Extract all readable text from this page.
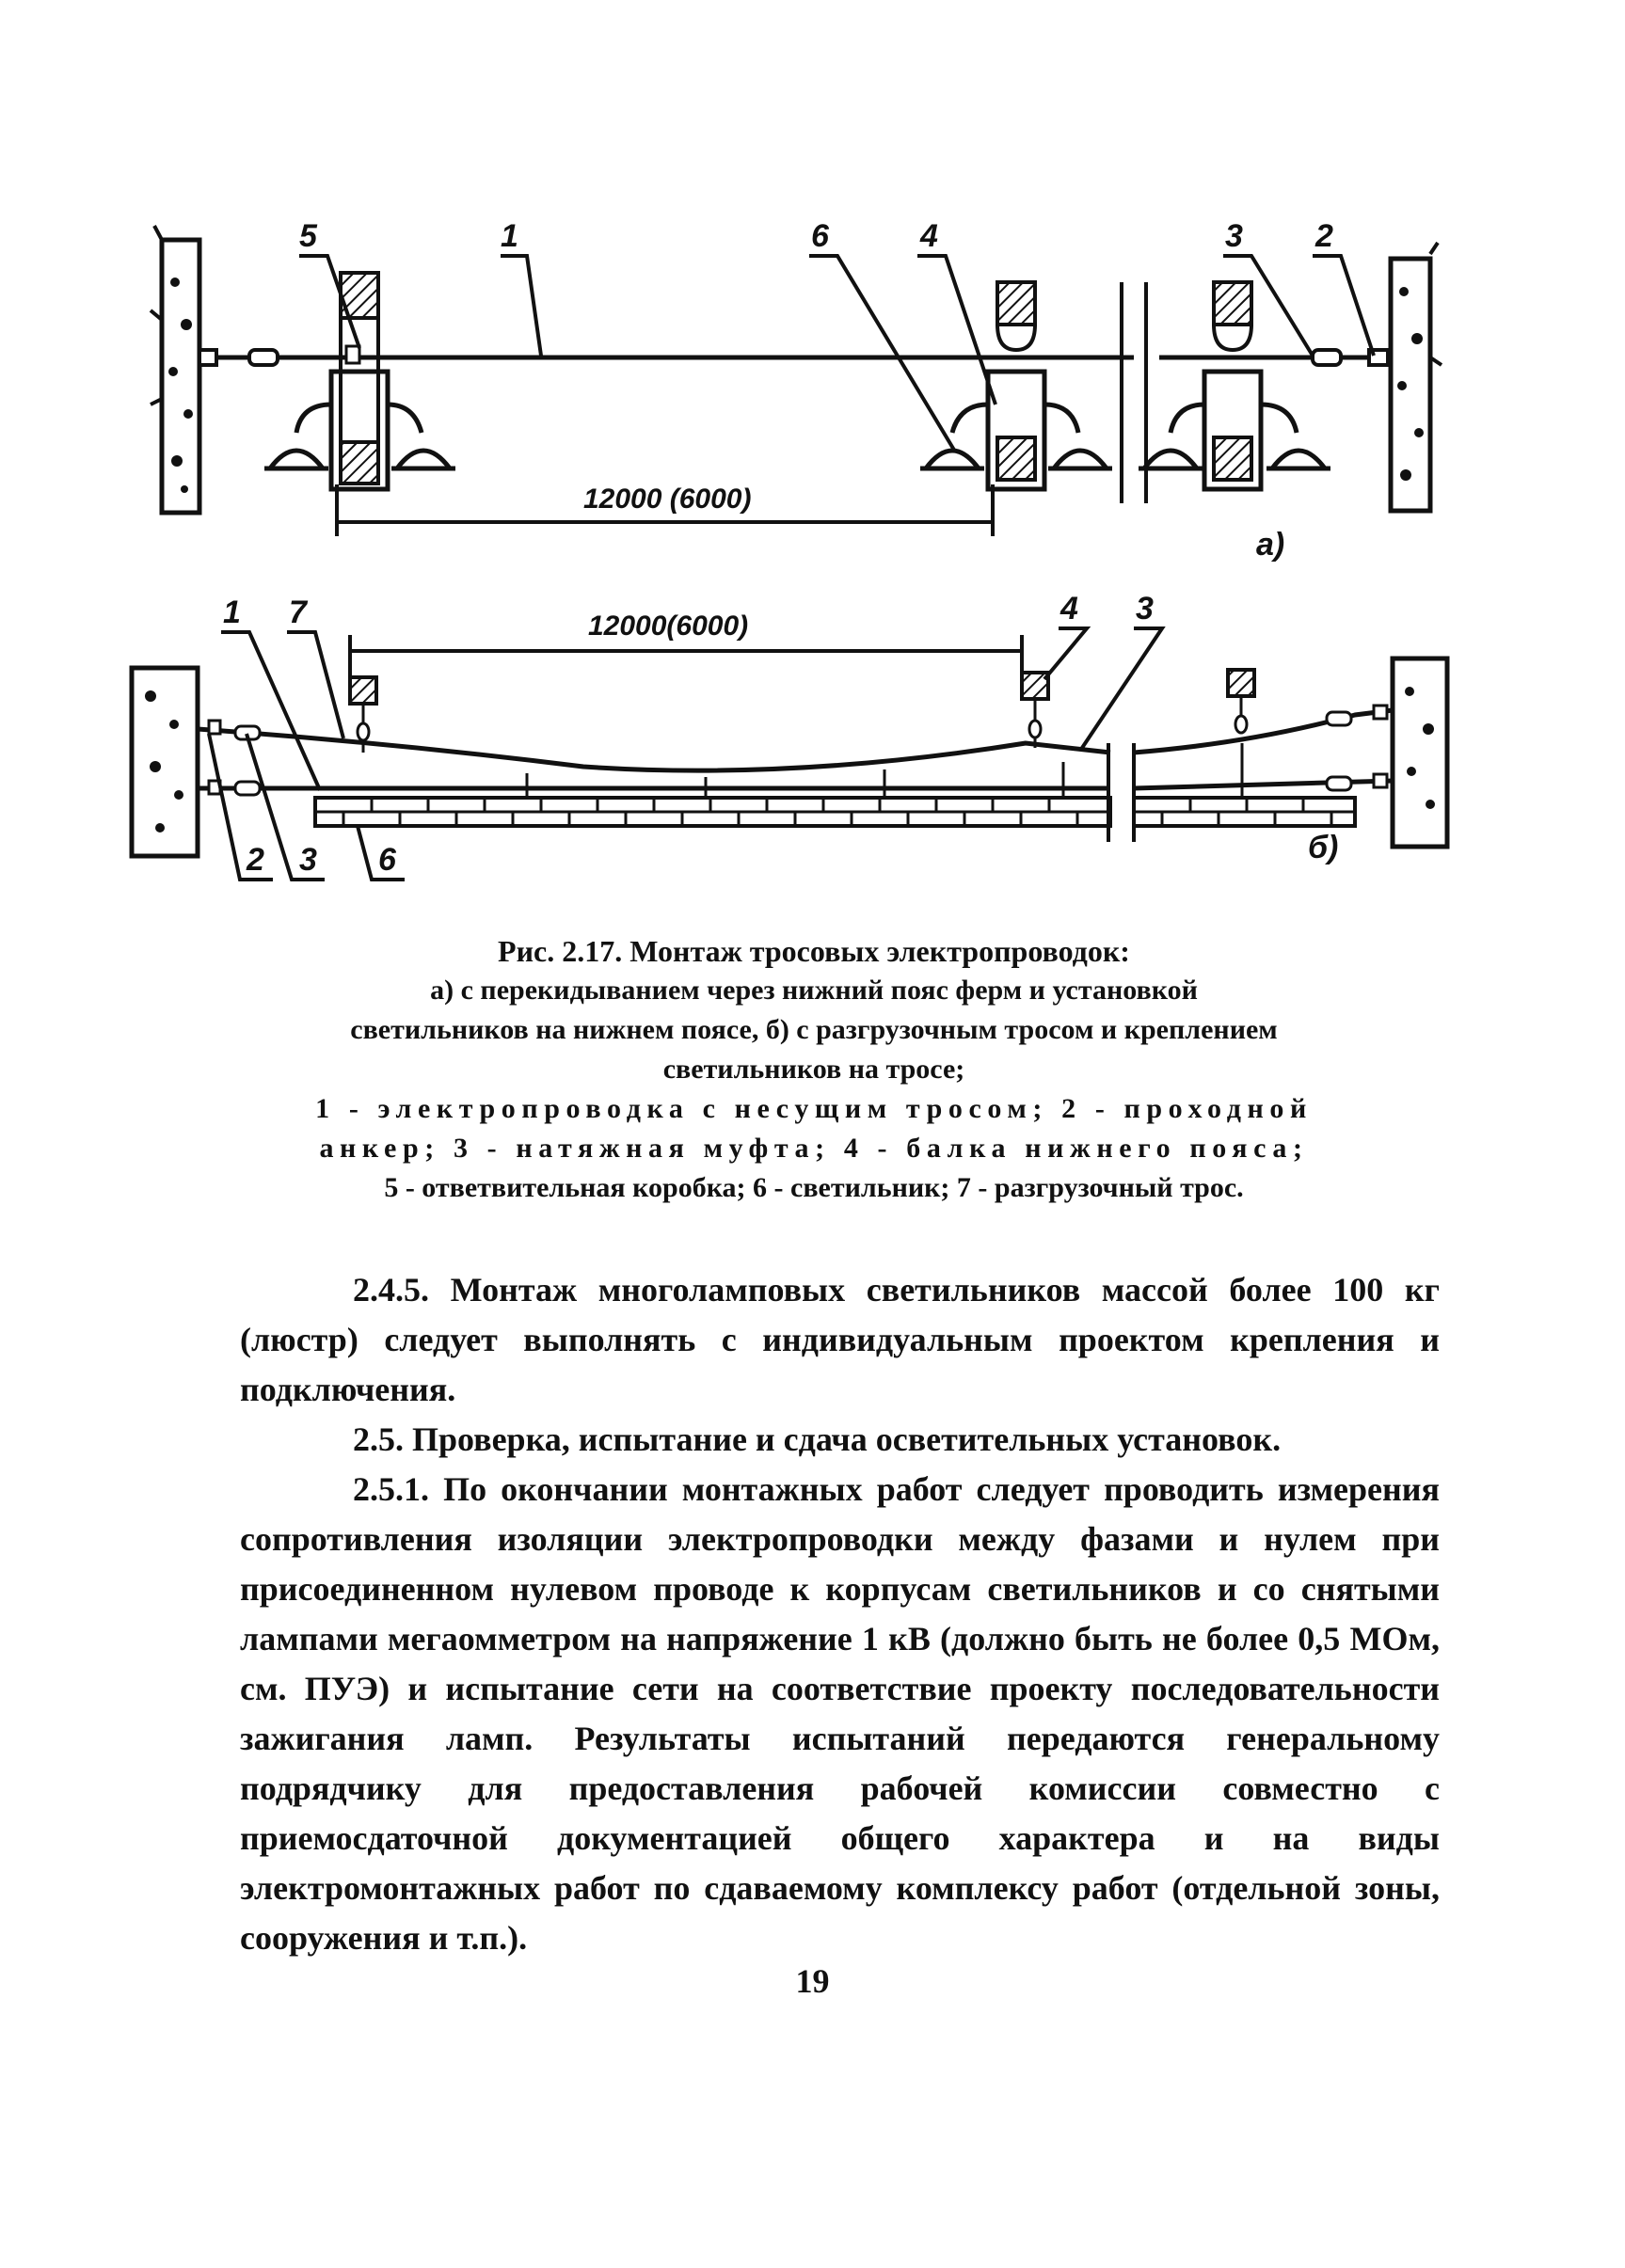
5	1	6	4	3 2
12000 (6000)
а)
12000(6000)
1 7	4 3
2 3 6	б)
Рис. 2.17. Монтаж тросовых электропроводок:
а) с перекидыванием через нижний пояс ферм и установкой
светильников на нижнем поясе, б) с разгрузочным тросом и креплением
светильников на тросе;
1 - электропроводка с несущим тросом; 2 - проходной
анкер; 3 - натяжная муфта; 4 - балка нижнего пояса;
5 - ответвительная коробка; 6 - светильник; 7 - разгрузочный трос.

2.4.5. Монтаж многоламповых светильников массой более 100 кг (люстр) следует выполнять с индивидуальным проектом крепления и подключения.

2.5. Проверка, испытание и сдача осветительных установок.

2.5.1. По окончании монтажных работ следует проводить измерения сопротивления изоляции электропроводки между фазами и нулем при присоединенном нулевом проводе к корпусам светильников и со снятыми лампами мегаомметром на напряжение 1 кВ (должно быть не более 0,5 МОм, см. ПУЭ) и испытание сети на соответствие проекту последовательности зажигания ламп. Результаты испытаний передаются генеральному подрядчику для предоставления рабочей комиссии совместно с приемосдаточной документацией общего характера и на виды электромонтажных работ по сдаваемому комплексу работ (отдельной зоны, сооружения и т.п.).

19
